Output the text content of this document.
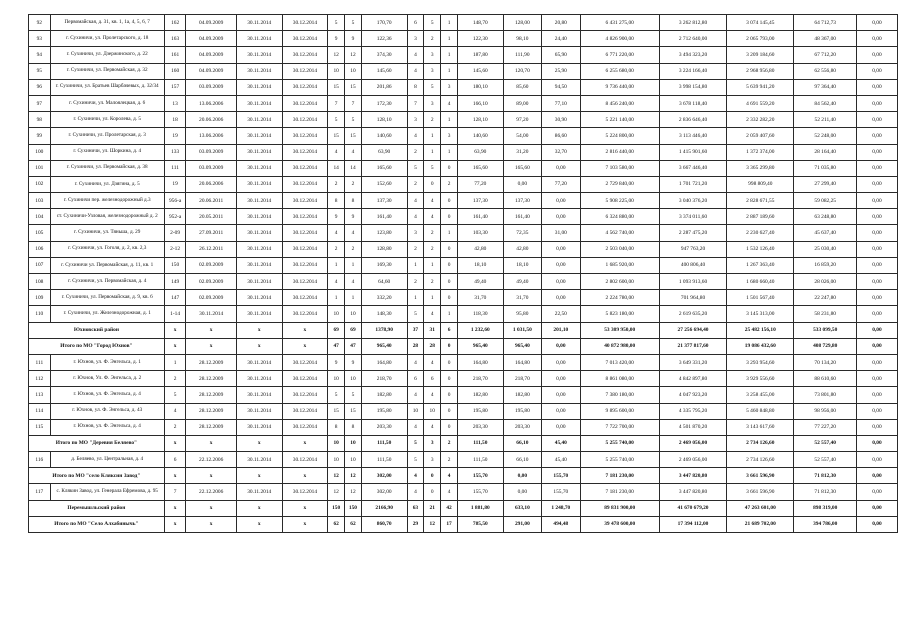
92	Первомайская, д. 31, кв. 1, 1а, 4, 5, 6, 7	162	04.09.2009	30.11.2014	30.12.2014	5	5	170,70	6	5	1	148,70	128,00	20,80	6 431 275,00	3 262 812,80	3 074 145,45	64 712,73	0,00
93	г. Сухиничи, ул. Пролетарского, д. 18	163	04.09.2009	30.11.2014	30.12.2014	9	9	122,36	3	2	1	122,30	98,10	24,40	4 826 900,00	2 712 640,00	2 065 793,00	48 367,00	0,00
94	г. Сухиничи, ул. Дзержинского, д. 22	161	04.09.2009	30.11.2014	30.12.2014	12	12	374,30	4	3	1	187,80	111,90	65,90	6 771 220,00	3 494 323,20	3 209 184,60	67 712,20	0,00
95	г. Сухиничи, ул. Первомайская, д. 32	160	04.09.2009	30.11.2014	30.12.2014	10	10	145,60	4	3	1	145,60	120,70	25,90	6 255 680,00	3 224 166,40	2 968 956,80	62 556,80	0,00
96	г. Сухиничи, ул. Братьев Шарбачевых, д. 32/34	157	03.09.2009	30.11.2014	30.12.2014	15	15	201,86	8	5	3	180,10	85,60	94,50	9 736 440,00	3 998 154,80	5 639 941,20	97 364,40	0,00
97	г. Сухиничи, ул. Малоялецкая, д. 6	13	13.06.2006	30.11.2014	30.12.2014	7	7	172,30	7	3	4	166,10	89,00	77,10	8 456 240,00	3 678 118,40	4 691 559,20	84 562,40	0,00
98	г. Сухиничи, ул. Королева, д. 5	18	20.06.2006	30.11.2014	30.12.2014	5	5	128,10	3	2	1	128,10	97,20	30,90	5 221 140,00	2 836 646,40	2 332 282,20	52 211,40	0,00
99	г. Сухиничи, ул. Пролетарская, д. 3	19	13.06.2006	30.11.2014	30.12.2014	15	15	140,60	4	1	3	140,60	54,00	86,60	5 224 800,00	3 113 446,40	2 059 407,60	52 248,00	0,00
100	г. Сухиничи, ул. Шоркина, д. 4	133	03.09.2009	30.11.2014	30.12.2014	4	4	63,90	2	1	1	63,90	31,20	32,70	2 816 440,00	1 415 901,60	1 372 374,00	28 164,40	0,00
101	г. Сухиничи, ул. Первомайская, д. 38	111	03.09.2009	30.11.2014	30.12.2014	14	14	165,60	5	5	0	165,60	165,60	0,00	7 103 580,00	3 667 446,40	3 365 299,80	71 035,80	0,00
102	г. Сухиничи, ул. Дзягина, д. 5	19	20.06.2006	30.11.2014	30.12.2014	2	2	152,60	2	0	2	77,20	0,00	77,20	2 729 840,00	1 701 721,20	998 809,40	27 299,40	0,00
103	г. Сухиничи пер. железнодорожный д.3	956-а	20.06.2011	30.11.2014	30.12.2014	8	8	137,30	4	4	0	137,30	137,30	0,00	5 908 225,00	3 040 376,20	2 828 671,55	59 082,25	0,00
104	ст. Сухиничи-Узловая, железнодорожный д. 2	952-а	20.05.2011	30.11.2014	30.12.2014	9	9	161,40	4	4	0	161,40	161,40	0,00	6 324 880,00	3 374 011,60	2 887 189,60	63 248,80	0,00
105	г. Сухиничи, ул. Тяньша, д. 29	2-09	27.09.2011	30.11.2014	30.12.2014	4	4	123,80	3	2	1	103,30	72,35	31,00	4 562 740,00	2 287 475,20	2 230 627,40	45 637,40	0,00
106	г. Сухиничи, ул. Гоголя, д. 2, кв. 2,3	2-12	26.12.2011	30.11.2014	30.12.2014	2	2	128,80	2	2	0	42,80	42,80	0,00	2 503 040,00	947 763,20	1 532 126,40	25 030,40	0,00
107	г. Сухиничи ул. Первомайская, д. 11, кв. 1	150	02.09.2009	30.11.2014	30.12.2014	1	1	169,30	1	1	0	18,10	18,10	0,00	1 685 920,00	400 806,40	1 267 363,40	16 859,20	0,00
108	г. Сухиничи, ул. Первомайская, д. 4	149	02.09.2009	30.11.2014	30.12.2014	4	4	64,60	2	2	0	49,40	49,40	0,00	2 802 600,00	1 093 913,60	1 680 660,40	28 026,00	0,00
109	г. Сухиничи, ул. Первомайская, д. 9, кв. 6	147	02.09.2009	30.11.2014	30.12.2014	1	1	332,20	1	1	0	31,70	31,70	0,00	2 224 780,00	701 964,80	1 501 567,40	22 247,80	0,00
110	г. Сухиничи, ул. Железнодорожная, д. 1	1-14	30.11.2014	30.11.2014	30.12.2014	10	10	148,30	5	4	1	118,30	95,80	22,50	5 823 180,00	2 619 635,20	3 145 313,00	58 231,80	0,00
Юхновский район		x	x	x	x	69	69	1378,90	37	31	6	1 232,60	1 031,50	201,10	53 309 950,00	27 256 694,40	25 482 156,10	533 099,50	0,00
Итого по МО "Город Юхнов"		x	x	x	x	47	47	965,40	28	28	0	965,40	965,40	0,00	40 872 980,00	21 377 817,60	19 086 432,60	408 729,80	0,00
111	г. Юхнов, ул. Ф. Энгельса, д. 1	1	28.12.2009	30.11.2014	30.12.2014	9	9	164,80	4	4	0	164,80	164,80	0,00	7 013 420,00	3 649 331,20	3 293 954,60	70 134,20	0,00
112	г. Юхнов, Ул. Ф. Энгельса, д. 2	2	28.12.2009	30.11.2014	30.12.2014	10	10	218,70	6	6	0	218,70	218,70	0,00	8 861 080,00	4 842 897,80	3 929 556,60	88 610,60	0,00
113	г. Юхнов, ул. Ф. Энгельса, д. 4	5	28.12.2009	30.11.2014	30.12.2014	5	5	182,80	4	4	0	182,80	182,80	0,00	7 380 180,00	4 047 923,20	3 258 455,00	73 801,80	0,00
114	г. Юхнов, ул. Ф. Энгельса, д. 43	4	28.12.2009	30.11.2014	30.12.2014	15	15	195,80	10	10	0	195,80	195,80	0,00	9 895 600,00	4 335 795,20	5 460 848,80	98 956,00	0,00
115	г. Юхнов, ул. Ф. Энгельса, д. 4	2	28.12.2009	30.11.2014	30.12.2014	8	8	203,30	4	4	0	203,30	203,30	0,00	7 722 700,00	4 501 870,20	3 143 617,60	77 227,20	0,00
Итого по МО "Деревня Беляево"		x	x	x	x	10	10	111,50	5	3	2	111,50	66,10	45,40	5 255 740,00	2 469 056,00	2 734 126,60	52 557,40	0,00
116	д. Беляево, ул. Центральная, д. 4	6	22.12.2006	30.11.2014	30.12.2014	10	10	111,50	5	3	2	111,50	66,10	45,40	5 255 740,00	2 469 056,00	2 734 126,60	52 557,40	0,00
Итого по МО "село Кляксин Завод"		x	x	x	x	12	12	302,00	4	0	4	155,70	0,00	155,70	7 181 230,00	3 447 820,80	3 661 596,90	71 812,30	0,00
117	с. Клякин Завод, ул. Генерала Ефремова, д. 95	7	22.12.2006	30.11.2014	30.12.2014	12	12	302,00	4	0	4	155,70	0,00	155,70	7 181 230,00	3 447 820,80	3 661 596,90	71 812,30	0,00
Перемышльский район		x	x	x	x	150	150	2166,90	63	21	42	1 881,80	633,10	1 248,70	89 831 900,00	41 670 679,20	47 263 601,00	898 319,00	0,00
Итого по МО "Село Алхабинычь"		x	x	x	x	62	62	860,70	29	12	17	785,50	291,00	494,48	39 478 600,00	17 394 112,00	21 689 702,00	394 786,00	0,00
